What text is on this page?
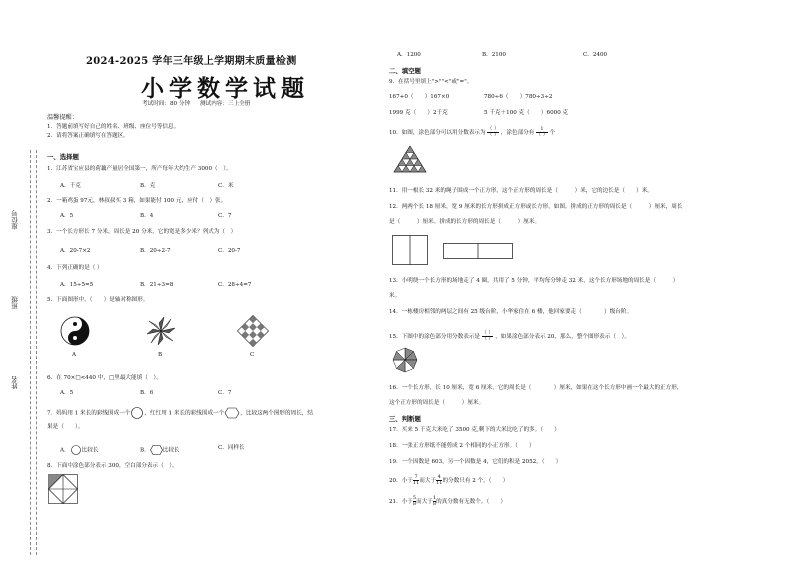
2024-2025 学年三年级上学期期末质量检测
小学数学试题
考试时间：80 分钟 测试内容：三上全册
座位号
班级
姓名
温馨提醒：
1．答题前填写好自己的姓名、班级、座位号等信息。
2．请将答案正确填写在答题区。
一、选择题
1．江苏省宝应县的荷藕产量居全国第一，所产每年大约生产 3000（　）。
A．千克	B．克	C．米
2．一箱鸡蛋 97元，林叔叔买 3 箱，如果能付 100 元，应付（　）张。
A．5	B．4	C．7
3．一个长方形长 7 分米，周长是 20 分米，它的宽是多少米？列式为（　）
A．20-7×2	B．20÷2-7	C．20-7
4．下列正确的是（ ）
A．15÷5=5	B．21÷3=8	C．28÷4=7
5．下面图形中，（　　）是轴对称图形。
A	B	C
6．在 70×□<440 中，□里最大能填（　）。
A．5	B．6	C．7
7．妈妈用 1 米长的彩线围成一个	，红红用 1 米长的彩线围成一个	，比较这两个图形的周长，结
果是（　　）。
A． 比较长	B． 比较长	C．同样长
8．下面中涂色部分表示 300，空白部分表示（　）。
A．1200	B．2100	C．2400
二、填空题
9．在括号里填上">""<"或"="。
167+0（　　）167×0	780÷6（　　）780÷3÷2
1999 克（　　）2千克	5 千克＋100 克（　　）6000 克
10．如图，涂色部分可以用分数表示为 $\frac{( )}{( )}$ ，涂色部分有 $\frac{1}{( )}$ 个
11．用一根长 32 米的绳子围成一个正方形，这个正方形的周长是（　　　）米，它的边长是（　　）米。
12．两两个长 18 厘米，宽 9 厘米的长方形拼成正方形或长方形，如图。拼成的正方形的周长是（　　　）厘米，周长
是（　　　）厘米。拼成的长方形的周长是（　　　）厘米。
13．小明绕一个长方形的场地走了 4 圈，共用了 5 分钟，平均每分钟走 32 米，这个长方形场地的周长是（　　　）
米。
14．一栋楼房相邻的两层之间有 25 级台阶，小华家住在 6 楼，他回家要走（　　　　）级台阶。
15．下图中的涂色部分用分数表示是 $\frac{( )}{( )}$ ，如果涂色部分表示 20，那么，整个图形表示（　）。
16．一个长方形，长 10 厘米，宽 6 厘米，它的周长是（　　　　）厘米，如果在这个长方形中画一个最大的正方形，
这个正方形的周长是（　　　）厘米。
三、判断题
17．买来 5 千克大米吃了 3500 克,剩下的大米比吃了的多。（　　）
18．一张正方形纸不能剪成 2 个相同的小正方形。（　　）
19．一个因数是 603，另一个因数是 4，它们的积是 2052。（　　）
20．小于 $\frac{7}{11}$ 而大于 $\frac{4}{11}$ 的分数只有 2 个。（　　）
21．小于 $\frac{5}{8}$ 而大于 $\frac{1}{8}$ 的真分数有无数个。（　　）
